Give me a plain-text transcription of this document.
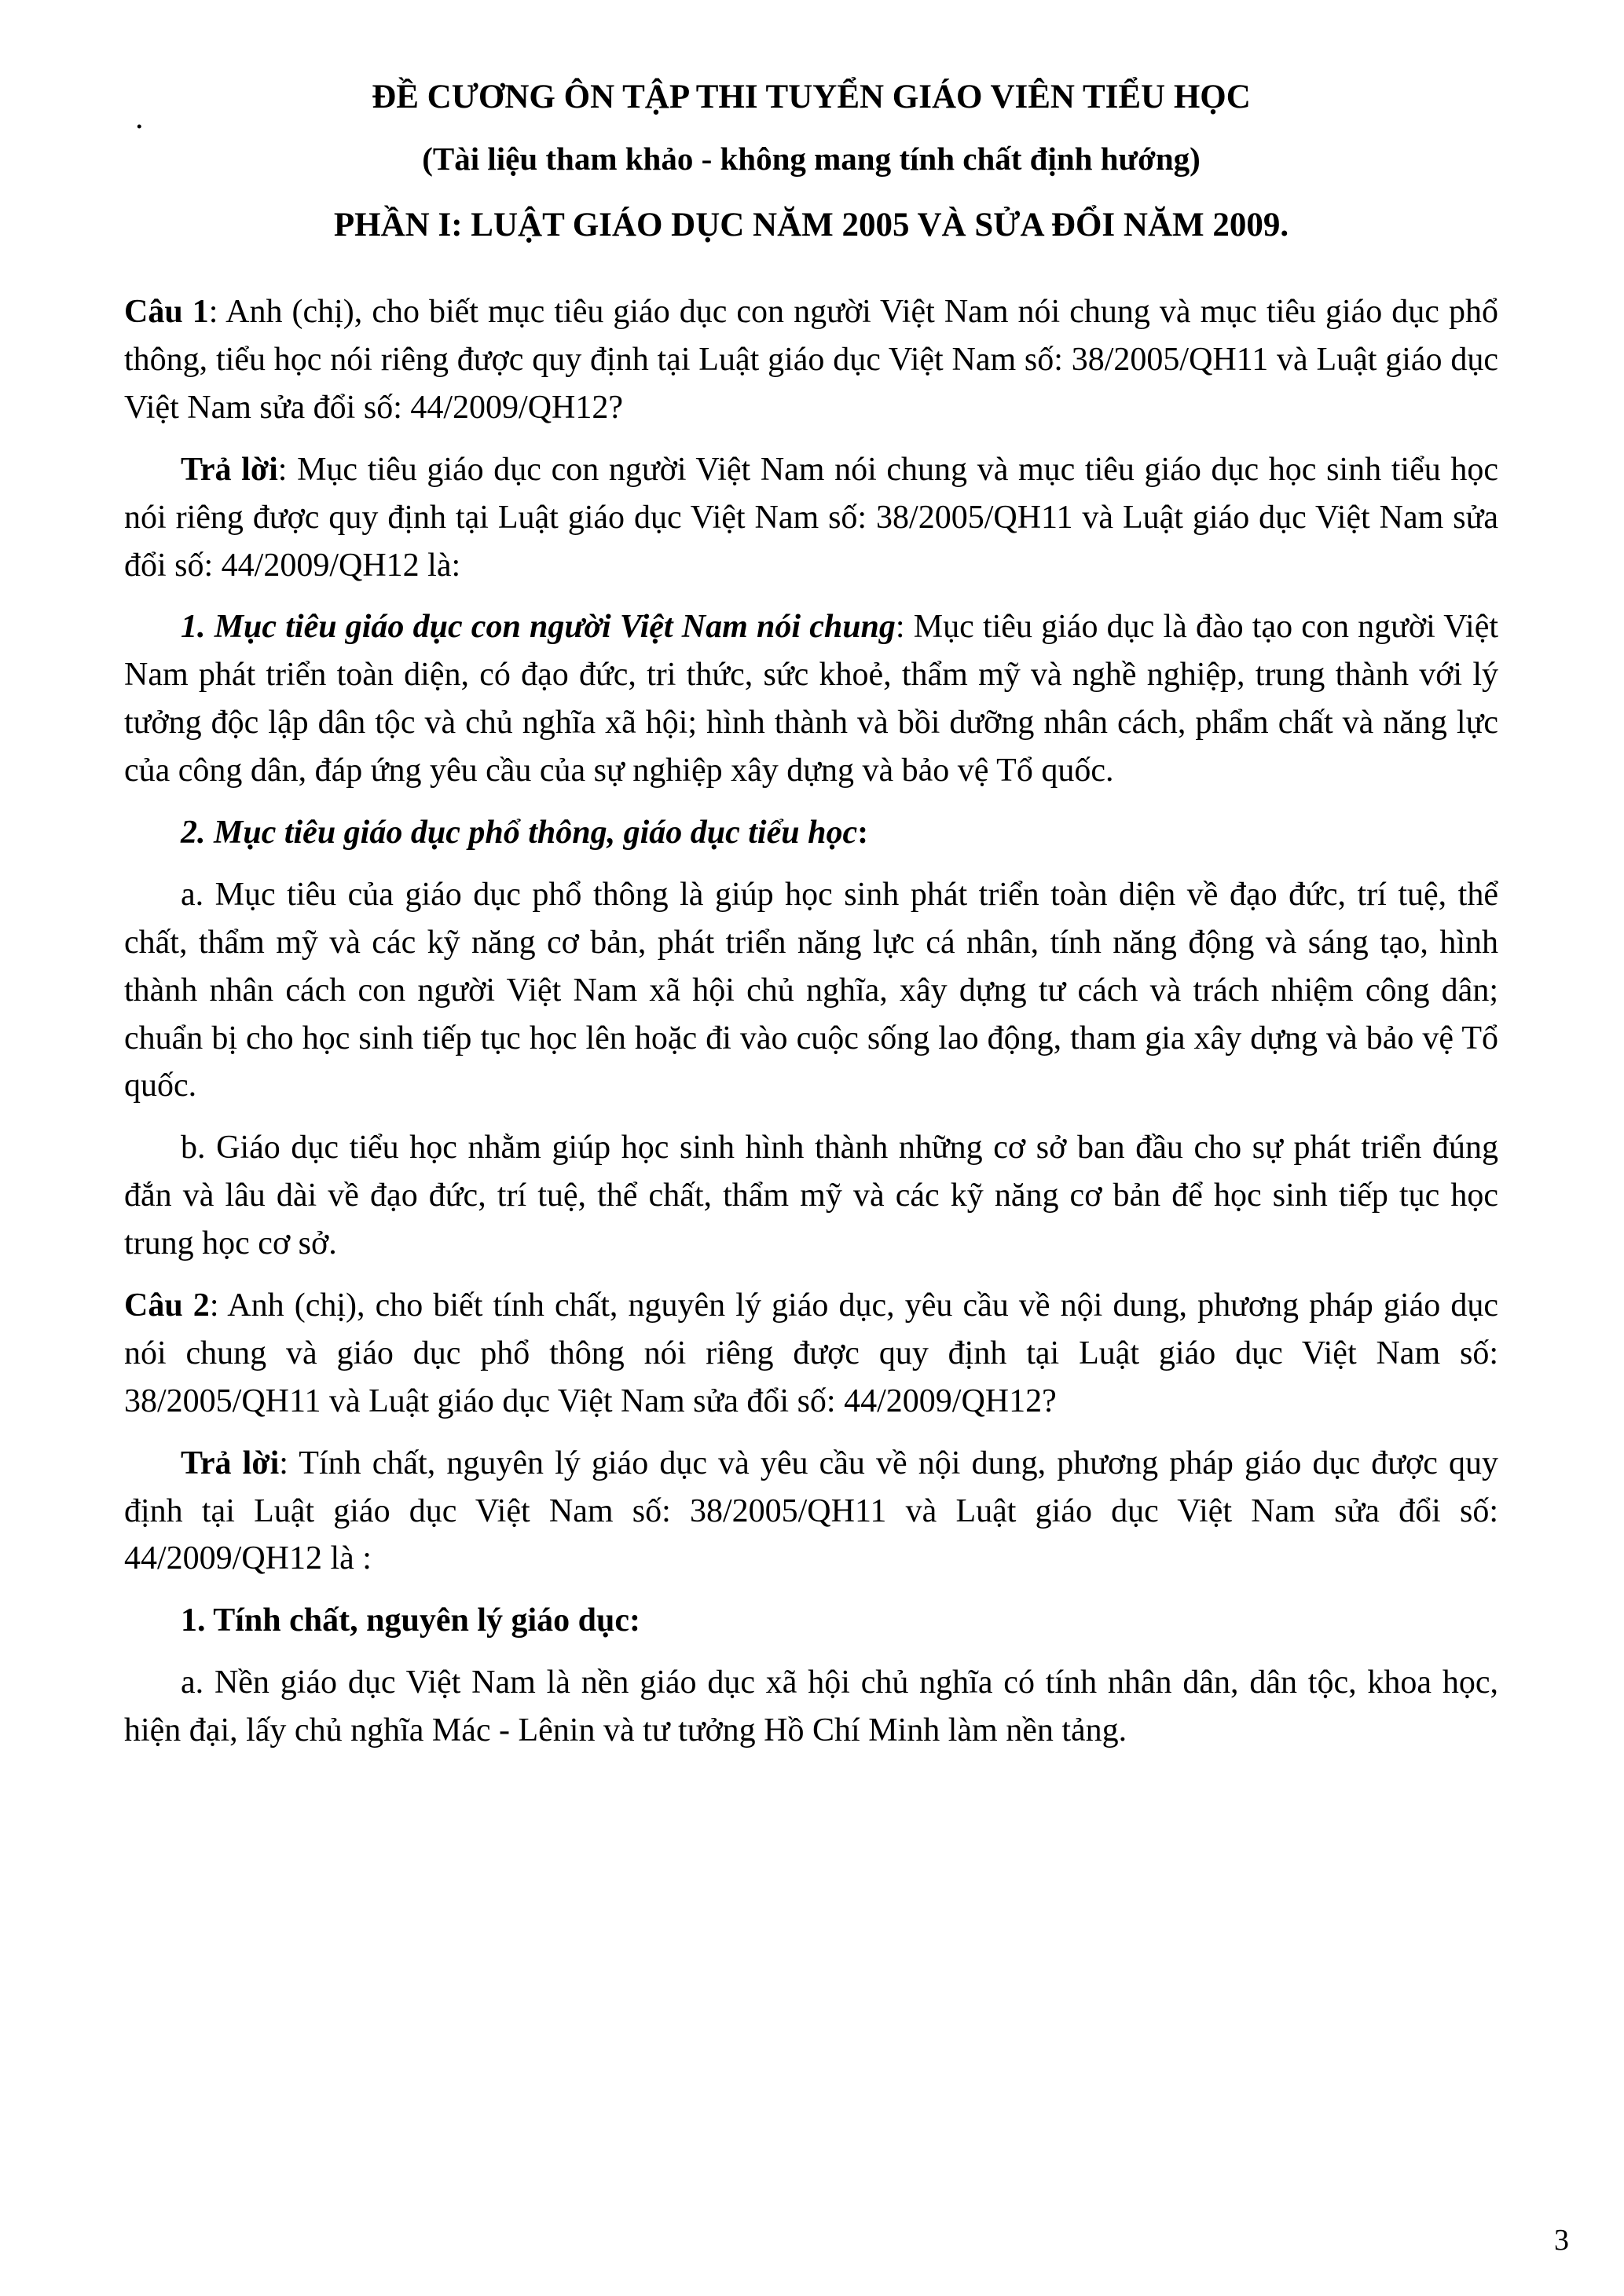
.
ĐỀ CƯƠNG ÔN TẬP THI TUYỂN GIÁO VIÊN TIỂU HỌC
(Tài liệu tham khảo - không mang tính chất định hướng)
PHẦN I: LUẬT GIÁO DỤC NĂM 2005 VÀ SỬA ĐỔI NĂM 2009.

Câu 1: Anh (chị), cho biết mục tiêu giáo dục con người Việt Nam nói chung và mục tiêu giáo dục phổ thông, tiểu học nói riêng được quy định tại Luật giáo dục Việt Nam số: 38/2005/QH11 và Luật giáo dục Việt Nam sửa đổi số: 44/2009/QH12?

Trả lời: Mục tiêu giáo dục con người Việt Nam nói chung và mục tiêu giáo dục học sinh tiểu học nói riêng được quy định tại Luật giáo dục Việt Nam số: 38/2005/QH11 và Luật giáo dục Việt Nam sửa đổi số: 44/2009/QH12 là:

1. Mục tiêu giáo dục con người Việt Nam nói chung: Mục tiêu giáo dục là đào tạo con người Việt Nam phát triển toàn diện, có đạo đức, tri thức, sức khoẻ, thẩm mỹ và nghề nghiệp, trung thành với lý tưởng độc lập dân tộc và chủ nghĩa xã hội; hình thành và bồi dưỡng nhân cách, phẩm chất và năng lực của công dân, đáp ứng yêu cầu của sự nghiệp xây dựng và bảo vệ Tổ quốc.

2. Mục tiêu giáo dục phổ thông, giáo dục tiểu học:

a. Mục tiêu của giáo dục phổ thông là giúp học sinh phát triển toàn diện về đạo đức, trí tuệ, thể chất, thẩm mỹ và các kỹ năng cơ bản, phát triển năng lực cá nhân, tính năng động và sáng tạo, hình thành nhân cách con người Việt Nam xã hội chủ nghĩa, xây dựng tư cách và trách nhiệm công dân; chuẩn bị cho học sinh tiếp tục học lên hoặc đi vào cuộc sống lao động, tham gia xây dựng và bảo vệ Tổ quốc.

b. Giáo dục tiểu học nhằm giúp học sinh hình thành những cơ sở ban đầu cho sự phát triển đúng đắn và lâu dài về đạo đức, trí tuệ, thể chất, thẩm mỹ và các kỹ năng cơ bản để học sinh tiếp tục học trung học cơ sở.

Câu 2: Anh (chị), cho biết tính chất, nguyên lý giáo dục, yêu cầu về nội dung, phương pháp giáo dục nói chung và giáo dục phổ thông nói riêng được quy định tại Luật giáo dục Việt Nam số: 38/2005/QH11 và Luật giáo dục Việt Nam sửa đổi số: 44/2009/QH12?

Trả lời: Tính chất, nguyên lý giáo dục và yêu cầu về nội dung, phương pháp giáo dục được quy định tại Luật giáo dục Việt Nam số: 38/2005/QH11 và Luật giáo dục Việt Nam sửa đổi số: 44/2009/QH12 là :

1. Tính chất, nguyên lý giáo dục:

a. Nền giáo dục Việt Nam là nền giáo dục xã hội chủ nghĩa có tính nhân dân, dân tộc, khoa học, hiện đại, lấy chủ nghĩa Mác - Lênin và tư tưởng Hồ Chí Minh làm nền tảng.

3
